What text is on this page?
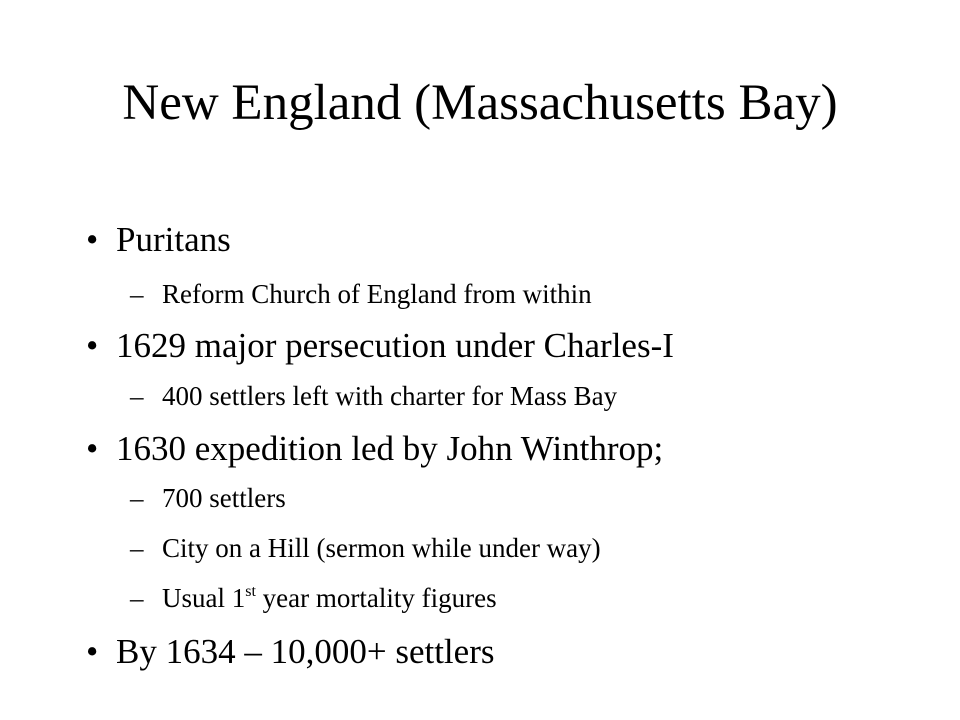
New England (Massachusetts Bay)
• Puritans
– Reform Church of England from within
• 1629 major persecution under Charles-I
– 400 settlers left with charter for Mass Bay
• 1630 expedition led by John Winthrop;
– 700 settlers
– City on a Hill (sermon while under way)
– Usual 1st year mortality figures
• By 1634 – 10,000+ settlers
